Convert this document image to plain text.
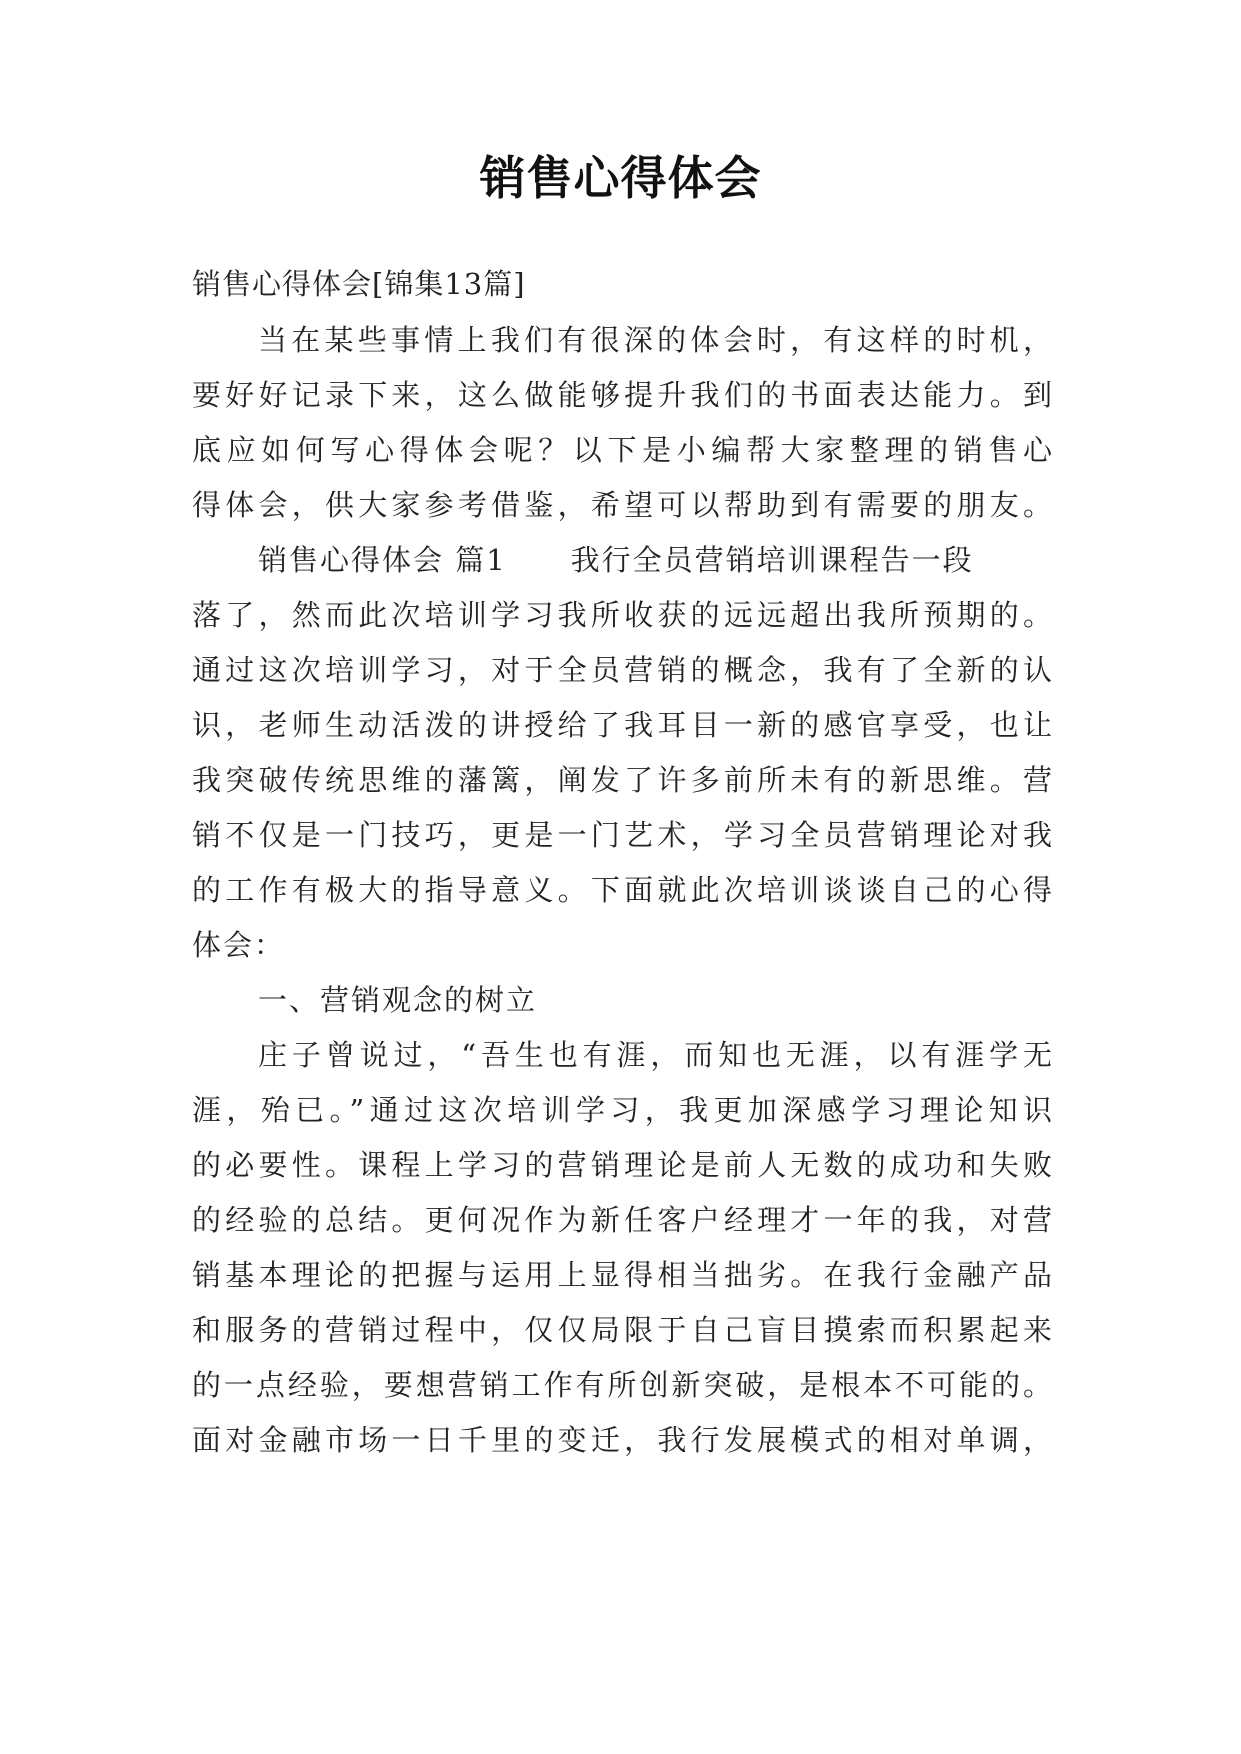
销售心得体会
销售心得体会[锦集13篇]
当在某些事情上我们有很深的体会时，有这样的时机，
要好好记录下来，这么做能够提升我们的书面表达能力。到
底应如何写心得体会呢？以下是小编帮大家整理的销售心
得体会，供大家参考借鉴，希望可以帮助到有需要的朋友。
销售心得体会 篇1 我行全员营销培训课程告一段
落了，然而此次培训学习我所收获的远远超出我所预期的。
通过这次培训学习，对于全员营销的概念，我有了全新的认
识，老师生动活泼的讲授给了我耳目一新的感官享受，也让
我突破传统思维的藩篱，阐发了许多前所未有的新思维。营
销不仅是一门技巧，更是一门艺术，学习全员营销理论对我
的工作有极大的指导意义。下面就此次培训谈谈自己的心得
体会：
一、营销观念的树立
庄子曾说过，“吾生也有涯，而知也无涯，以有涯学无
涯，殆已。”通过这次培训学习，我更加深感学习理论知识
的必要性。课程上学习的营销理论是前人无数的成功和失败
的经验的总结。更何况作为新任客户经理才一年的我，对营
销基本理论的把握与运用上显得相当拙劣。在我行金融产品
和服务的营销过程中，仅仅局限于自己盲目摸索而积累起来
的一点经验，要想营销工作有所创新突破，是根本不可能的。
面对金融市场一日千里的变迁，我行发展模式的相对单调，
